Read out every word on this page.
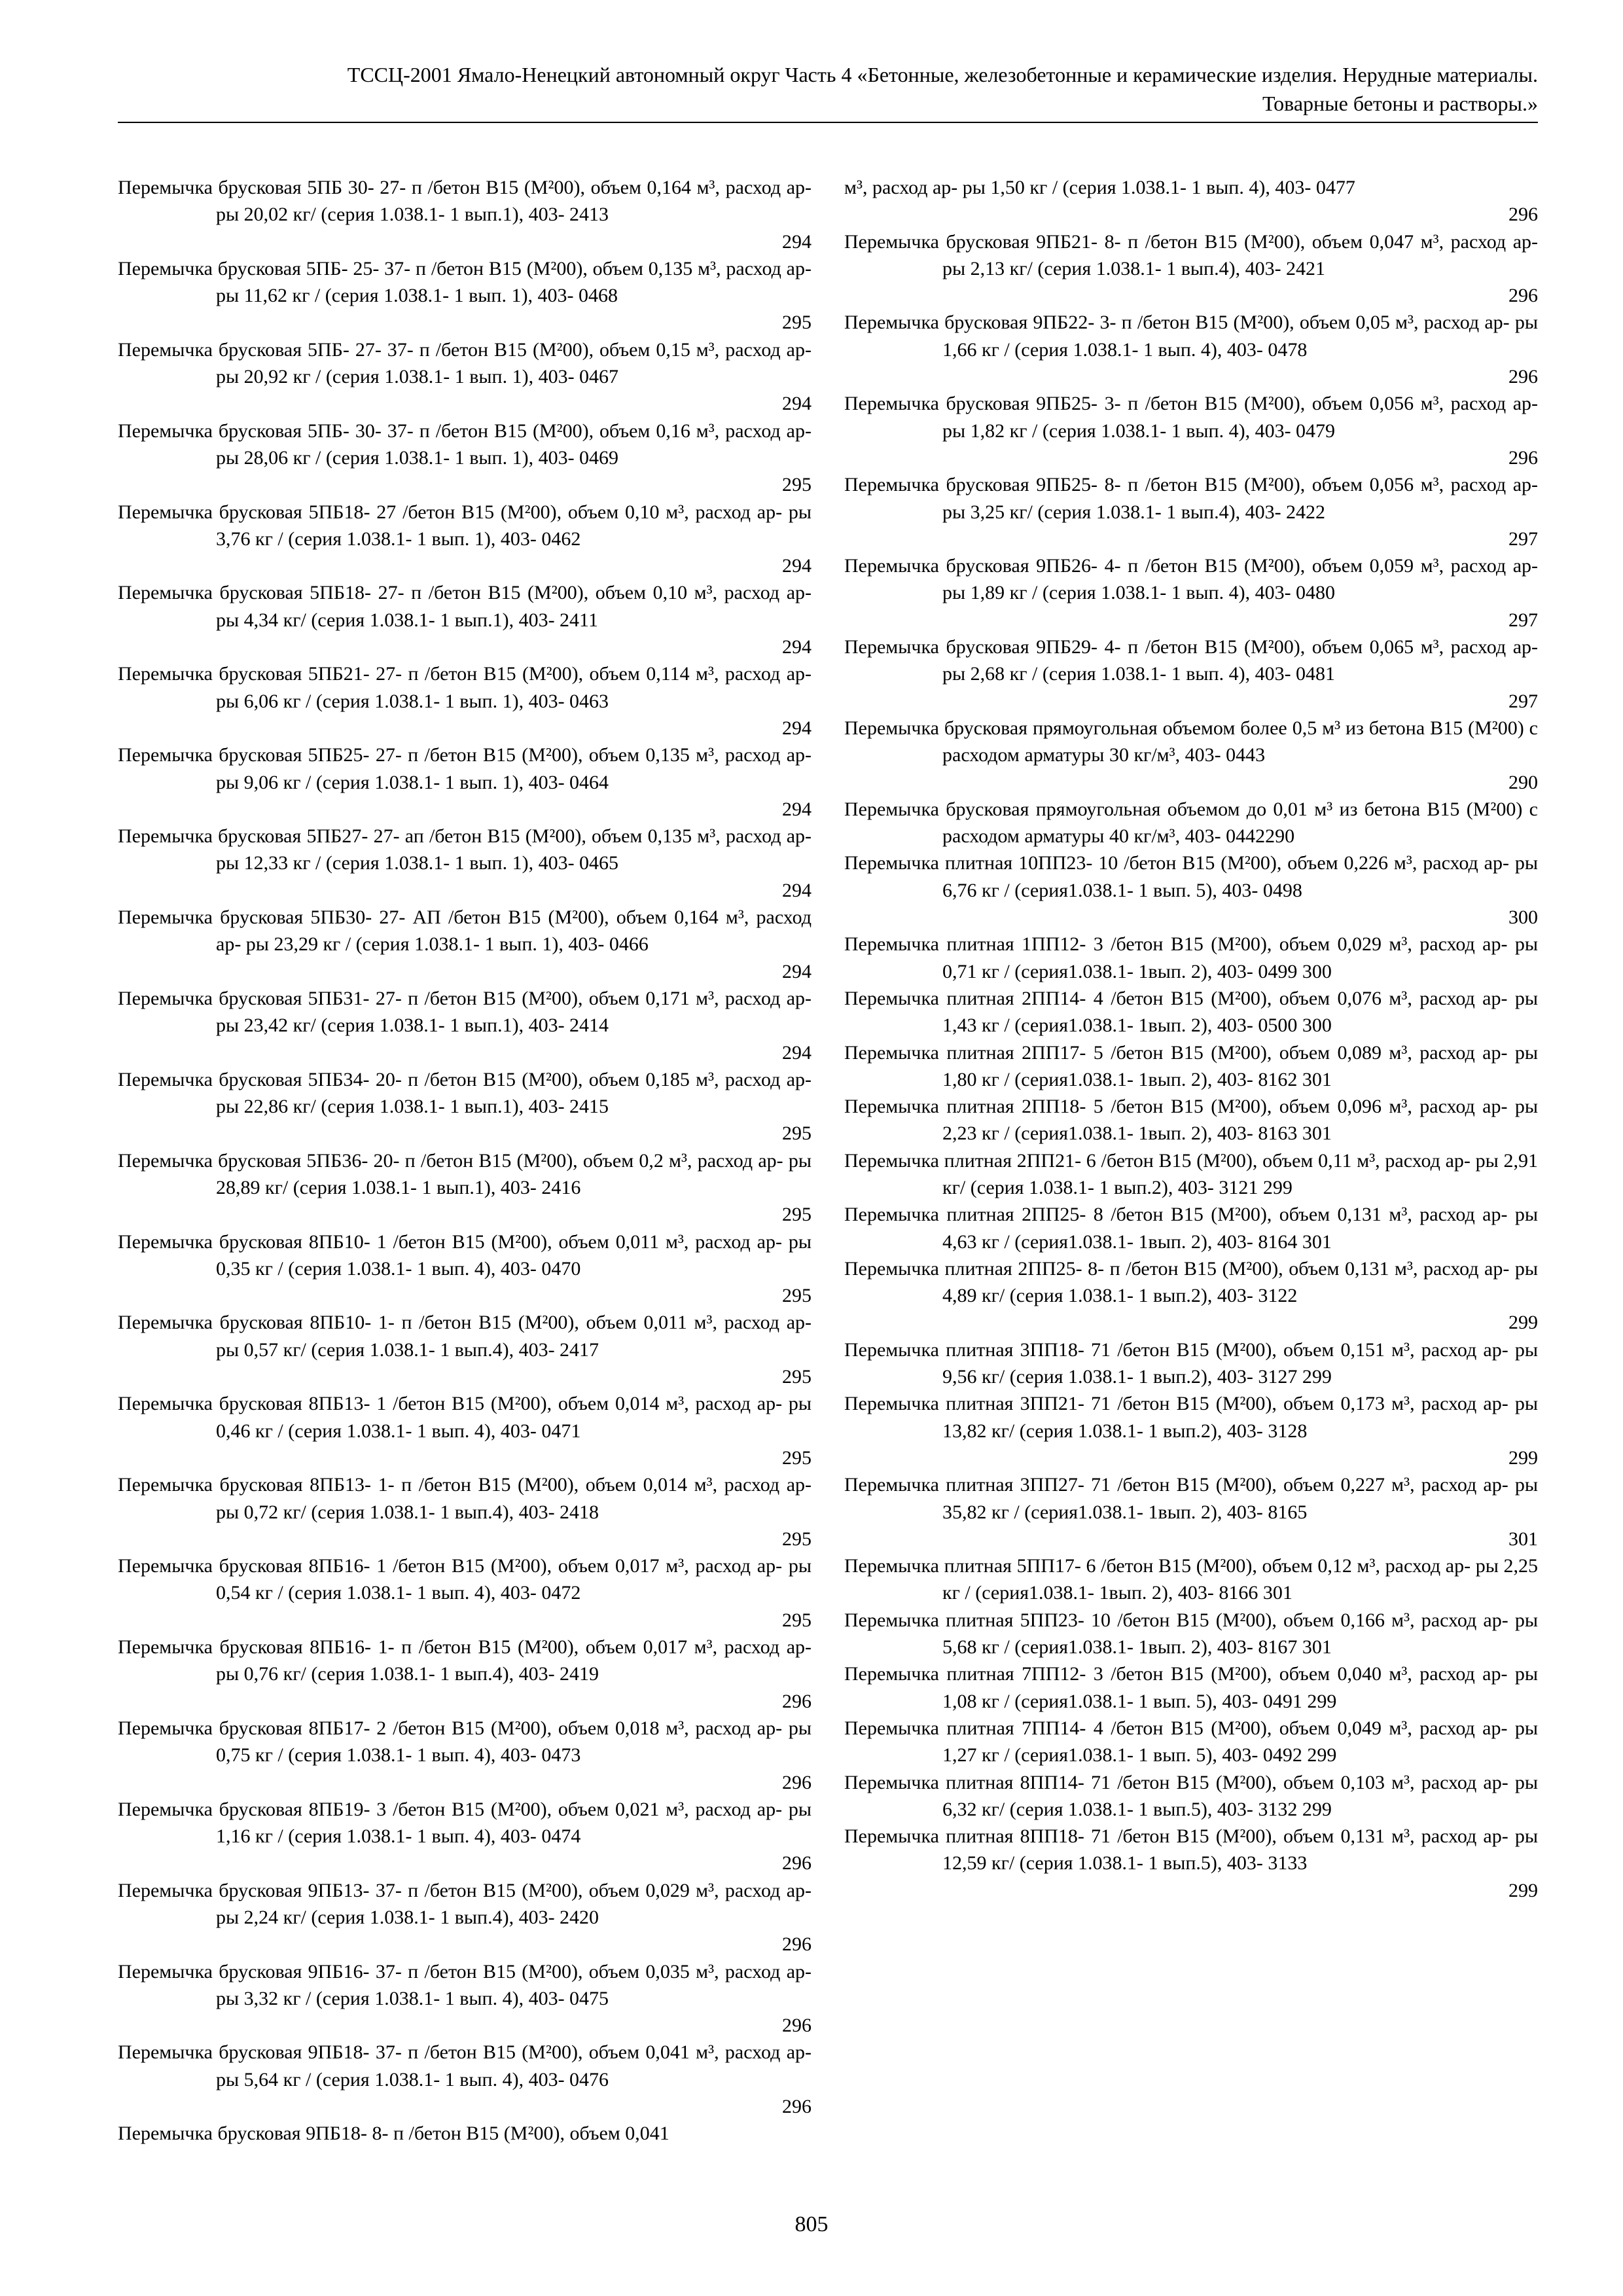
ТССЦ-2001 Ямало-Ненецкий автономный округ Часть 4 «Бетонные, железобетонные и керамические изделия. Нерудные материалы.
Товарные бетоны и растворы.»
Перемычка брусковая 5ПБ 30- 27- п /бетон В15 (М²00), объем 0,164 м³, расход ар- ры 20,02 кг/ (серия 1.038.1- 1 вып.1), 403- 2413
294
Перемычка брусковая 5ПБ- 25- 37- п /бетон В15 (М²00), объем 0,135 м³, расход ар- ры 11,62 кг / (серия 1.038.1- 1 вып. 1), 403- 0468
295
Перемычка брусковая 5ПБ- 27- 37- п /бетон В15 (М²00), объем 0,15 м³, расход ар- ры 20,92 кг / (серия 1.038.1- 1 вып. 1), 403- 0467
294
Перемычка брусковая 5ПБ- 30- 37- п /бетон В15 (М²00), объем 0,16 м³, расход ар- ры 28,06 кг / (серия 1.038.1- 1 вып. 1), 403- 0469
295
Перемычка брусковая 5ПБ18- 27 /бетон В15 (М²00), объем 0,10 м³, расход ар- ры 3,76 кг / (серия 1.038.1- 1 вып. 1), 403- 0462
294
Перемычка брусковая 5ПБ18- 27- п /бетон В15 (М²00), объем 0,10 м³, расход ар- ры 4,34 кг/ (серия 1.038.1- 1 вып.1), 403- 2411
294
Перемычка брусковая 5ПБ21- 27- п /бетон В15 (М²00), объем 0,114 м³, расход ар- ры 6,06 кг / (серия 1.038.1- 1 вып. 1), 403- 0463
294
Перемычка брусковая 5ПБ25- 27- п /бетон В15 (М²00), объем 0,135 м³, расход ар- ры 9,06 кг / (серия 1.038.1- 1 вып. 1), 403- 0464
294
Перемычка брусковая 5ПБ27- 27- ап /бетон В15 (М²00), объем 0,135 м³, расход ар- ры 12,33 кг / (серия 1.038.1- 1 вып. 1), 403- 0465
294
Перемычка брусковая 5ПБ30- 27- АП /бетон В15 (М²00), объем 0,164 м³, расход ар- ры 23,29 кг / (серия 1.038.1- 1 вып. 1), 403- 0466
294
Перемычка брусковая 5ПБ31- 27- п /бетон В15 (М²00), объем 0,171 м³, расход ар- ры 23,42 кг/ (серия 1.038.1- 1 вып.1), 403- 2414
294
Перемычка брусковая 5ПБ34- 20- п /бетон В15 (М²00), объем 0,185 м³, расход ар- ры 22,86 кг/ (серия 1.038.1- 1 вып.1), 403- 2415
295
Перемычка брусковая 5ПБ36- 20- п /бетон В15 (М²00), объем 0,2 м³, расход ар- ры 28,89 кг/ (серия 1.038.1- 1 вып.1), 403- 2416
295
Перемычка брусковая 8ПБ10- 1 /бетон В15 (М²00), объем 0,011 м³, расход ар- ры 0,35 кг / (серия 1.038.1- 1 вып. 4), 403- 0470
295
Перемычка брусковая 8ПБ10- 1- п /бетон В15 (М²00), объем 0,011 м³, расход ар- ры 0,57 кг/ (серия 1.038.1- 1 вып.4), 403- 2417
295
Перемычка брусковая 8ПБ13- 1 /бетон В15 (М²00), объем 0,014 м³, расход ар- ры 0,46 кг / (серия 1.038.1- 1 вып. 4), 403- 0471
295
Перемычка брусковая 8ПБ13- 1- п /бетон В15 (М²00), объем 0,014 м³, расход ар- ры 0,72 кг/ (серия 1.038.1- 1 вып.4), 403- 2418
295
Перемычка брусковая 8ПБ16- 1 /бетон В15 (М²00), объем 0,017 м³, расход ар- ры 0,54 кг / (серия 1.038.1- 1 вып. 4), 403- 0472
295
Перемычка брусковая 8ПБ16- 1- п /бетон В15 (М²00), объем 0,017 м³, расход ар- ры 0,76 кг/ (серия 1.038.1- 1 вып.4), 403- 2419
296
Перемычка брусковая 8ПБ17- 2 /бетон В15 (М²00), объем 0,018 м³, расход ар- ры 0,75 кг / (серия 1.038.1- 1 вып. 4), 403- 0473
296
Перемычка брусковая 8ПБ19- 3 /бетон В15 (М²00), объем 0,021 м³, расход ар- ры 1,16 кг / (серия 1.038.1- 1 вып. 4), 403- 0474
296
Перемычка брусковая 9ПБ13- 37- п /бетон В15 (М²00), объем 0,029 м³, расход ар- ры 2,24 кг/ (серия 1.038.1- 1 вып.4), 403- 2420
296
Перемычка брусковая 9ПБ16- 37- п /бетон В15 (М²00), объем 0,035 м³, расход ар- ры 3,32 кг / (серия 1.038.1- 1 вып. 4), 403- 0475
296
Перемычка брусковая 9ПБ18- 37- п /бетон В15 (М²00), объем 0,041 м³, расход ар- ры 5,64 кг / (серия 1.038.1- 1 вып. 4), 403- 0476
296
Перемычка брусковая 9ПБ18- 8- п /бетон В15 (М²00), объем 0,041
м³, расход ар- ры 1,50 кг / (серия 1.038.1- 1 вып. 4), 403- 0477
296
Перемычка брусковая 9ПБ21- 8- п /бетон В15 (М²00), объем 0,047 м³, расход ар- ры 2,13 кг/ (серия 1.038.1- 1 вып.4), 403- 2421
296
Перемычка брусковая 9ПБ22- 3- п /бетон В15 (М²00), объем 0,05 м³, расход ар- ры 1,66 кг / (серия 1.038.1- 1 вып. 4), 403- 0478
296
Перемычка брусковая 9ПБ25- 3- п /бетон В15 (М²00), объем 0,056 м³, расход ар- ры 1,82 кг / (серия 1.038.1- 1 вып. 4), 403- 0479
296
Перемычка брусковая 9ПБ25- 8- п /бетон В15 (М²00), объем 0,056 м³, расход ар- ры 3,25 кг/ (серия 1.038.1- 1 вып.4), 403- 2422
297
Перемычка брусковая 9ПБ26- 4- п /бетон В15 (М²00), объем 0,059 м³, расход ар- ры 1,89 кг / (серия 1.038.1- 1 вып. 4), 403- 0480
297
Перемычка брусковая 9ПБ29- 4- п /бетон В15 (М²00), объем 0,065 м³, расход ар- ры 2,68 кг / (серия 1.038.1- 1 вып. 4), 403- 0481
297
Перемычка брусковая прямоугольная объемом более 0,5 м³ из бетона В15 (М²00) с расходом арматуры 30 кг/м³, 403- 0443
290
Перемычка брусковая прямоугольная объемом до 0,01 м³ из бетона В15 (М²00) с расходом арматуры 40 кг/м³, 403- 0442290
Перемычка плитная 10ПП23- 10 /бетон В15 (М²00), объем 0,226 м³, расход ар- ры 6,76 кг / (серия1.038.1- 1 вып. 5), 403- 0498
300
Перемычка плитная 1ПП12- 3 /бетон В15 (М²00), объем 0,029 м³, расход ар- ры 0,71 кг / (серия1.038.1- 1вып. 2), 403- 0499 300
Перемычка плитная 2ПП14- 4 /бетон В15 (М²00), объем 0,076 м³, расход ар- ры 1,43 кг / (серия1.038.1- 1вып. 2), 403- 0500 300
Перемычка плитная 2ПП17- 5 /бетон В15 (М²00), объем 0,089 м³, расход ар- ры 1,80 кг / (серия1.038.1- 1вып. 2), 403- 8162 301
Перемычка плитная 2ПП18- 5 /бетон В15 (М²00), объем 0,096 м³, расход ар- ры 2,23 кг / (серия1.038.1- 1вып. 2), 403- 8163 301
Перемычка плитная 2ПП21- 6 /бетон В15 (М²00), объем 0,11 м³, расход ар- ры 2,91 кг/ (серия 1.038.1- 1 вып.2), 403- 3121 299
Перемычка плитная 2ПП25- 8 /бетон В15 (М²00), объем 0,131 м³, расход ар- ры 4,63 кг / (серия1.038.1- 1вып. 2), 403- 8164 301
Перемычка плитная 2ПП25- 8- п /бетон В15 (М²00), объем 0,131 м³, расход ар- ры 4,89 кг/ (серия 1.038.1- 1 вып.2), 403- 3122
299
Перемычка плитная 3ПП18- 71 /бетон В15 (М²00), объем 0,151 м³, расход ар- ры 9,56 кг/ (серия 1.038.1- 1 вып.2), 403- 3127 299
Перемычка плитная 3ПП21- 71 /бетон В15 (М²00), объем 0,173 м³, расход ар- ры 13,82 кг/ (серия 1.038.1- 1 вып.2), 403- 3128
299
Перемычка плитная 3ПП27- 71 /бетон В15 (М²00), объем 0,227 м³, расход ар- ры 35,82 кг / (серия1.038.1- 1вып. 2), 403- 8165
301
Перемычка плитная 5ПП17- 6 /бетон В15 (М²00), объем 0,12 м³, расход ар- ры 2,25 кг / (серия1.038.1- 1вып. 2), 403- 8166 301
Перемычка плитная 5ПП23- 10 /бетон В15 (М²00), объем 0,166 м³, расход ар- ры 5,68 кг / (серия1.038.1- 1вып. 2), 403- 8167 301
Перемычка плитная 7ПП12- 3 /бетон В15 (М²00), объем 0,040 м³, расход ар- ры 1,08 кг / (серия1.038.1- 1 вып. 5), 403- 0491 299
Перемычка плитная 7ПП14- 4 /бетон В15 (М²00), объем 0,049 м³, расход ар- ры 1,27 кг / (серия1.038.1- 1 вып. 5), 403- 0492 299
Перемычка плитная 8ПП14- 71 /бетон В15 (М²00), объем 0,103 м³, расход ар- ры 6,32 кг/ (серия 1.038.1- 1 вып.5), 403- 3132 299
Перемычка плитная 8ПП18- 71 /бетон В15 (М²00), объем 0,131 м³, расход ар- ры 12,59 кг/ (серия 1.038.1- 1 вып.5), 403- 3133
299
805
